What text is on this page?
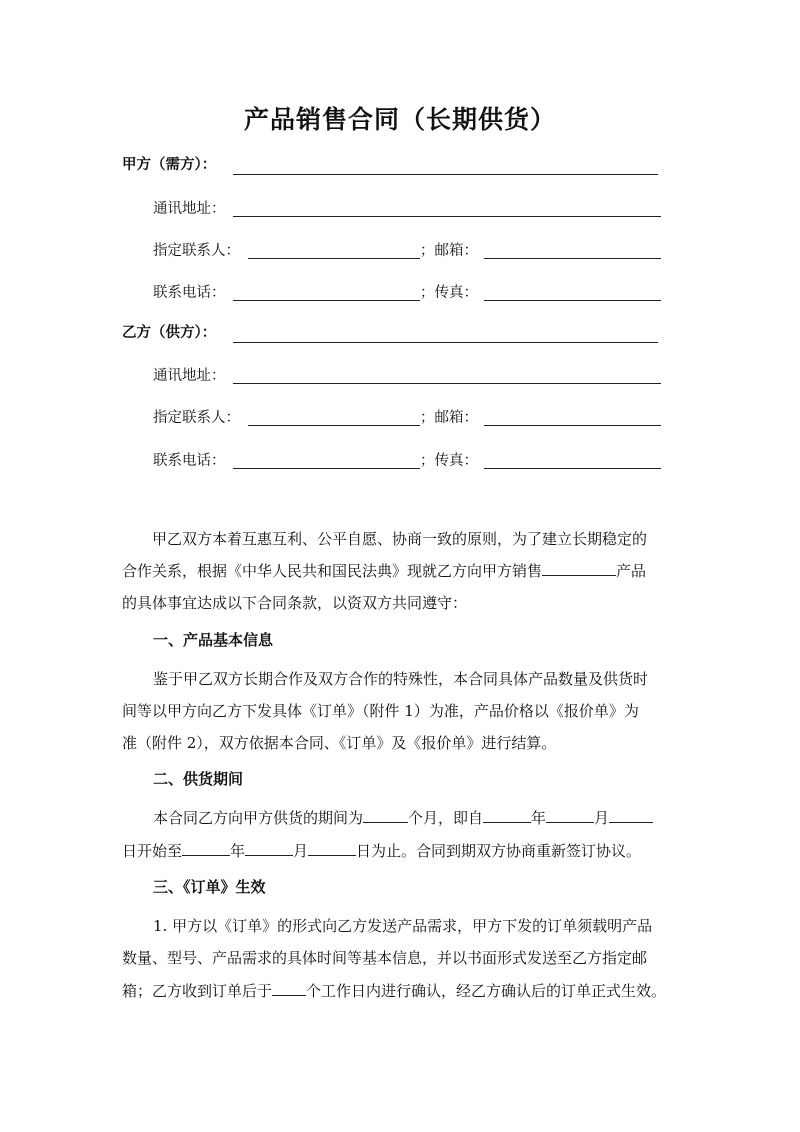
产品销售合同（长期供货）
甲方（需方）：
通讯地址：
指定联系人：	；邮箱：
联系电话：	；传真：
乙方（供方）：
通讯地址：
指定联系人：	；邮箱：
联系电话：	；传真：
甲乙双方本着互惠互利、公平自愿、协商一致的原则，为了建立长期稳定的
合作关系，根据《中华人民共和国民法典》现就乙方向甲方销售	产品
的具体事宜达成以下合同条款，以资双方共同遵守：
一、产品基本信息
鉴于甲乙双方长期合作及双方合作的特殊性，本合同具体产品数量及供货时
间等以甲方向乙方下发具体《订单》（附件 1）为准，产品价格以《报价单》为
准（附件 2），双方依据本合同、《订单》及《报价单》进行结算。
二、供货期间
本合同乙方向甲方供货的期间为	个月，即自	年	月
日开始至	年	月	日为止。合同到期双方协商重新签订协议。
三、《订单》生效
1. 甲方以《订单》的形式向乙方发送产品需求，甲方下发的订单须载明产品
数量、型号、产品需求的具体时间等基本信息，并以书面形式发送至乙方指定邮
箱；乙方收到订单后于 个工作日内进行确认，经乙方确认后的订单正式生效。
